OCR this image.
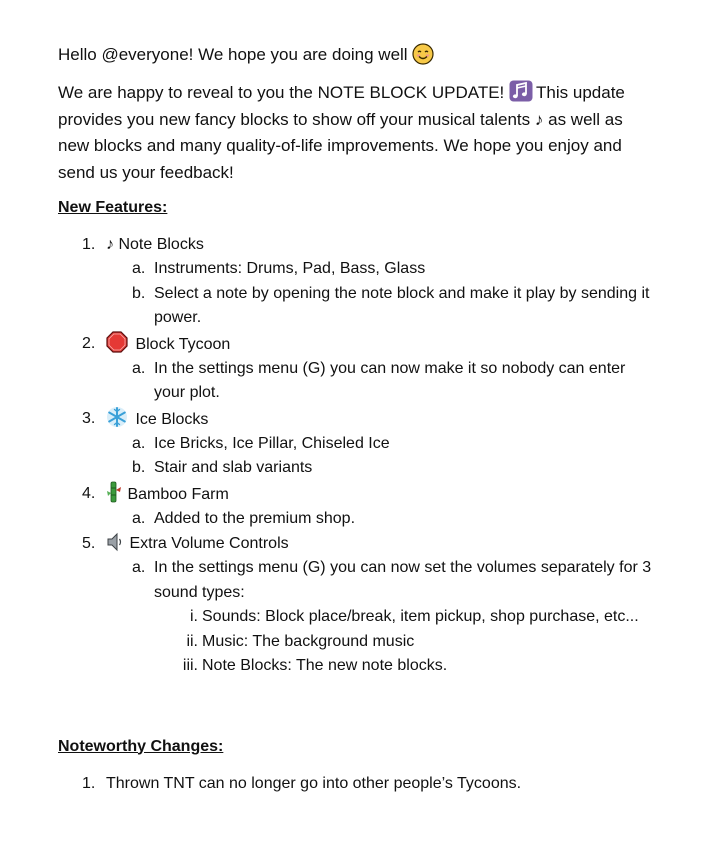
Hello @everyone! We hope you are doing well

We are happy to reveal to you the NOTE BLOCK UPDATE! This update provides you new fancy blocks to show off your musical talents ♪ as well as new blocks and many quality-of-life improvements. We hope you enjoy and send us your feedback!

New Features:

1. ♪ Note Blocks
a. Instruments: Drums, Pad, Bass, Glass
b. Select a note by opening the note block and make it play by sending it power.
2.	Block Tycoon
a. In the settings menu (G) you can now make it so nobody can enter your plot.
3.	Ice Blocks
a. Ice Bricks, Ice Pillar, Chiseled Ice
b. Stair and slab variants
4.	Bamboo Farm
a. Added to the premium shop.
5.	Extra Volume Controls
a. In the settings menu (G) you can now set the volumes separately for 3 sound types:
i. Sounds: Block place/break, item pickup, shop purchase, etc...
ii. Music: The background music
iii. Note Blocks: The new note blocks.

Noteworthy Changes:

1. Thrown TNT can no longer go into other people’s Tycoons.
